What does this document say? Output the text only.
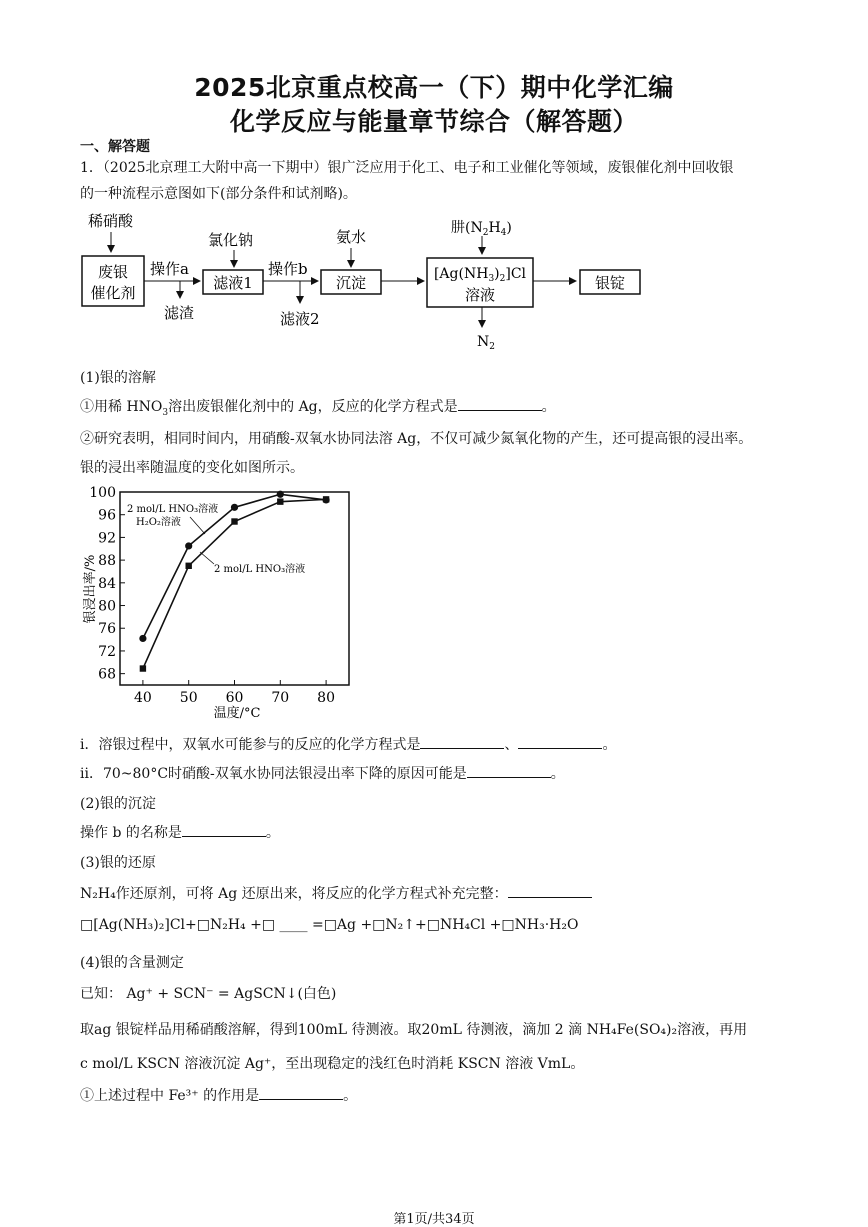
2025北京重点校高一（下）期中化学汇编
化学反应与能量章节综合（解答题）
一、解答题
1．（2025北京理工大附中高一下期中）银广泛应用于化工、电子和工业催化等领域，废银催化剂中回收银
的一种流程示意图如下(部分条件和试剂略)。
稀硝酸
废银
催化剂
操作a
滤渣
氯化钠
滤液1
操作b
滤液2
氨水
沉淀
肼$(N_2H_4)$
$[Ag(NH_3)_2]Cl$
溶液
$N_2$
银锭
(1)银的溶解
①用稀 $HNO_3$溶出废银催化剂中的 Ag，反应的化学方程式是	。
②研究表明，相同时间内，用硝酸-双氧水协同法溶 Ag，不仅可减少氮氧化物的产生，还可提高银的浸出率。
银的浸出率随温度的变化如图所示。
68
72
76
80
84
88
92
96
100
40 50 60 70 80
银浸出率/%
温度/°C
2 mol/L HNO₃溶液
H₂O₂溶液
2 mol/L HNO₃溶液
i．溶银过程中，双氧水可能参与的反应的化学方程式是	、	。
ii．70~80°C时硝酸-双氧水协同法银浸出率下降的原因可能是	。
(2)银的沉淀
操作 b 的名称是	。
(3)银的还原
N₂H₄作还原剂，可将 Ag 还原出来，将反应的化学方程式补充完整：
□[Ag(NH₃)₂]Cl+□N₂H₄ +□ ____ =□Ag +□N₂↑+□NH₄Cl +□NH₃·H₂O
(4)银的含量测定
已知： Ag⁺ + SCN⁻ = AgSCN↓(白色)
取ag 银锭样品用稀硝酸溶解，得到100mL 待测液。取20mL 待测液，滴加 2 滴 NH₄Fe(SO₄)₂溶液，再用
c mol/L KSCN 溶液沉淀 Ag⁺，至出现稳定的浅红色时消耗 KSCN 溶液 VmL。
①上述过程中 Fe³⁺ 的作用是	。
第1页/共34页
